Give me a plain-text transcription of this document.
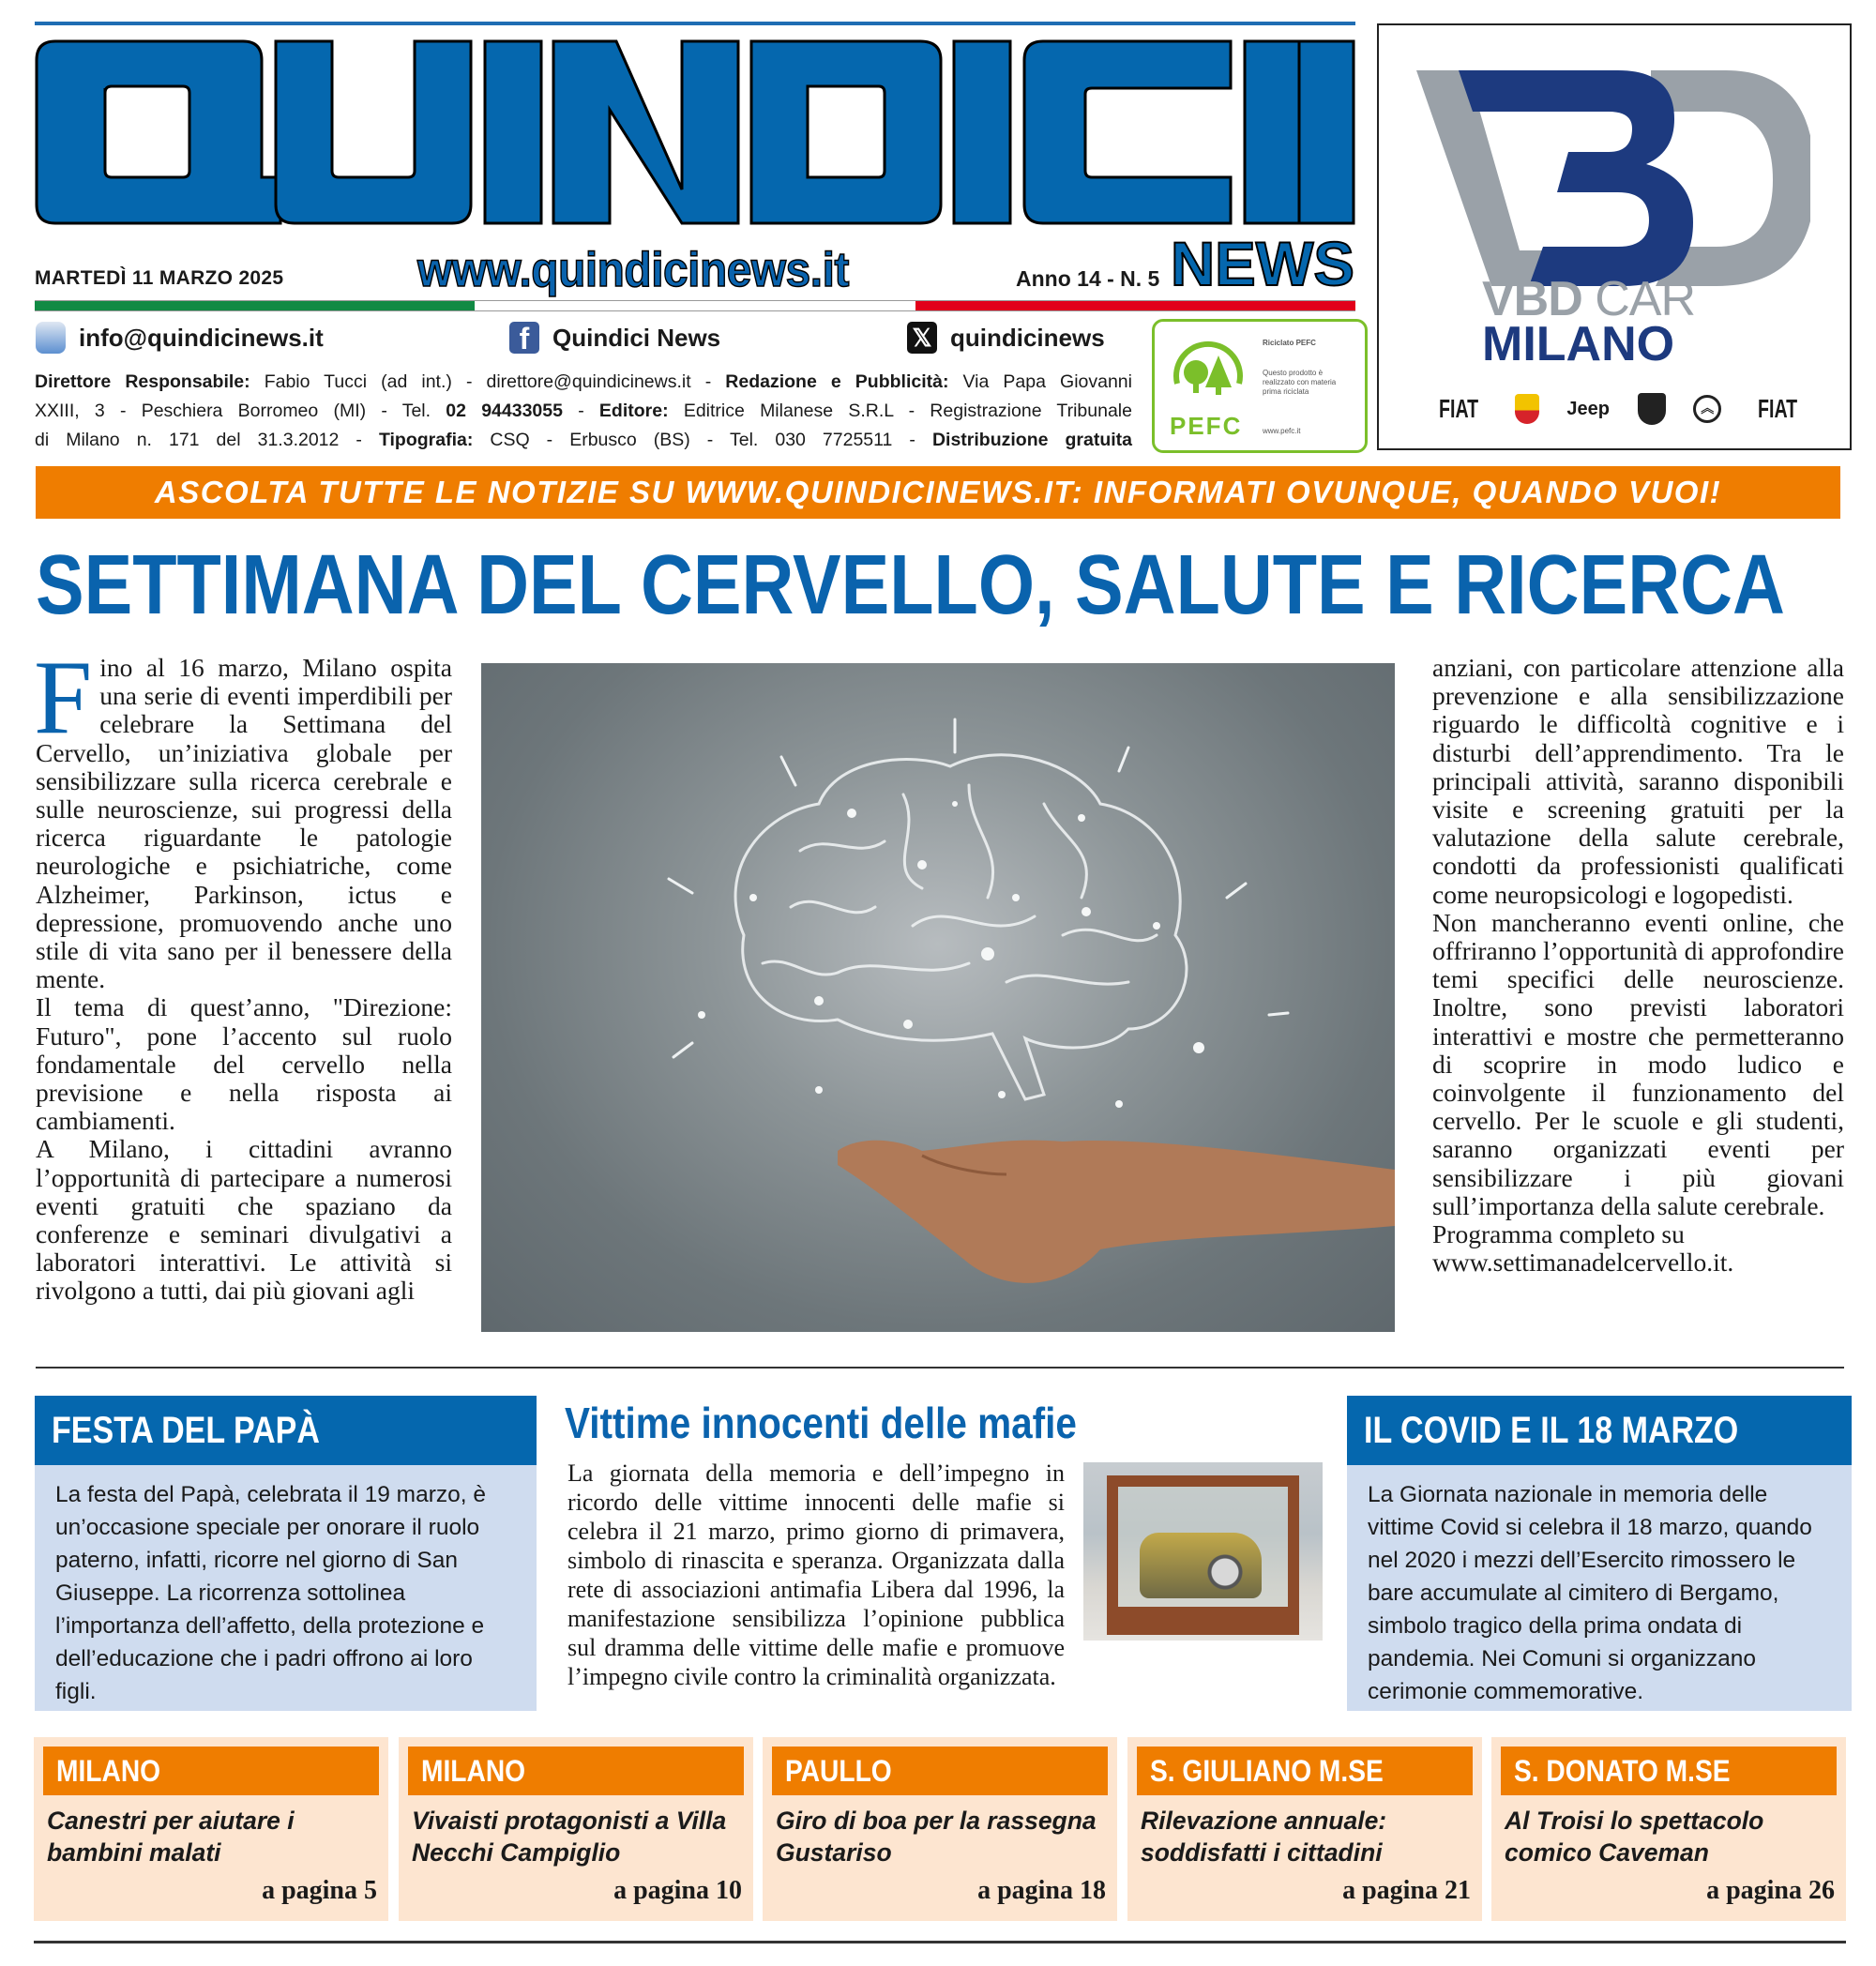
MARTEDÌ 11 MARZO 2025	www.quindicinews.it	Anno 14 - N. 5 NEWS
info@quindicinews.it	f Quindici News	𝕏 quindicinews
Direttore Responsabile: Fabio Tucci (ad int.) - direttore@quindicinews.it - Redazione e Pubblicità: Via Papa Giovanni
XXIII, 3 - Peschiera Borromeo (MI) - Tel. 02 94433055 - Editore: Editrice Milanese S.R.L - Registrazione Tribunale
di Milano n. 171 del 31.3.2012 - Tipografia: CSQ - Erbusco (BS) - Tel. 030 7725511 - Distribuzione gratuita PEFC
Riciclato PEFC
Questo prodotto è realizzato con materia prima riciclata
www.pefc.it
VBD CAR
MILANO
FIAT	Jeep	︽ FIAT
ASCOLTA TUTTE LE NOTIZIE SU WWW.QUINDICINEWS.IT: INFORMATI OVUNQUE, QUANDO VUOI!
SETTIMANA DEL CERVELLO, SALUTE E RICERCA

Fino al 16 marzo, Milano ospita una serie di eventi imperdibili per celebrare la Settimana del Cervello, un’iniziativa globale per sensibilizzare sulla ricerca cerebrale e sulle neuroscienze, sui progressi della ricerca riguardante le patologie neurologiche e psichiatriche, come Alzheimer, Parkinson, ictus e depressione, promuovendo anche uno stile di vita sano per il benessere della mente.

Il tema di quest’anno, "Direzione: Futuro", pone l’accento sul ruolo fondamentale del cervello nella previsione e nella risposta ai cambiamenti.

A Milano, i cittadini avranno l’opportunità di partecipare a numerosi eventi gratuiti che spaziano da conferenze e seminari divulgativi a laboratori interattivi. Le attività si rivolgono a tutti, dai più giovani agli

anziani, con particolare attenzione alla prevenzione e alla sensibilizzazione riguardo le difficoltà cognitive e i disturbi dell’apprendimento. Tra le principali attività, saranno disponibili visite e screening gratuiti per la valutazione della salute cerebrale, condotti da professionisti qualificati come neuropsicologi e logopedisti.

Non mancheranno eventi online, che offriranno l’opportunità di approfondire temi specifici delle neuroscienze. Inoltre, sono previsti laboratori interattivi e mostre che permetteranno di scoprire in modo ludico e coinvolgente il funzionamento del cervello. Per le scuole e gli studenti, saranno organizzati eventi per sensibilizzare i più giovani sull’importanza della salute cerebrale.

Programma completo su www.settimanadelcervello.it.

FESTA DEL PAPÀ
La festa del Papà, celebrata il 19 marzo, è un’occasione speciale per onorare il ruolo paterno, infatti, ricorre nel giorno di San Giuseppe. La ricorrenza sottolinea l’importanza dell’affetto, della protezione e dell’educazione che i padri offrono ai loro figli.
Vittime innocenti delle mafie
La giornata della memoria e dell’impegno in ricordo delle vittime innocenti delle mafie si celebra il 21 marzo, primo giorno di primavera, simbolo di rinascita e speranza. Organizzata dalla rete di associazioni antimafia Libera dal 1996, la manifestazione sensibilizza l’opinione pubblica sul dramma delle vittime delle mafie e promuove l’impegno civile contro la criminalità organizzata.
IL COVID E IL 18 MARZO
La Giornata nazionale in memoria delle vittime Covid si celebra il 18 marzo, quando nel 2020 i mezzi dell’Esercito rimossero le bare accumulate al cimitero di Bergamo, simbolo tragico della prima ondata di pandemia. Nei Comuni si organizzano cerimonie commemorative.
MILANO
Canestri per aiutare i bambini malati
a pagina 5
MILANO
Vivaisti protagonisti a Villa Necchi Campiglio
a pagina 10
PAULLO
Giro di boa per la rassegna Gustariso
a pagina 18
S. GIULIANO M.SE
Rilevazione annuale: soddisfatti i cittadini
a pagina 21
S. DONATO M.SE
Al Troisi lo spettacolo comico Caveman
a pagina 26
